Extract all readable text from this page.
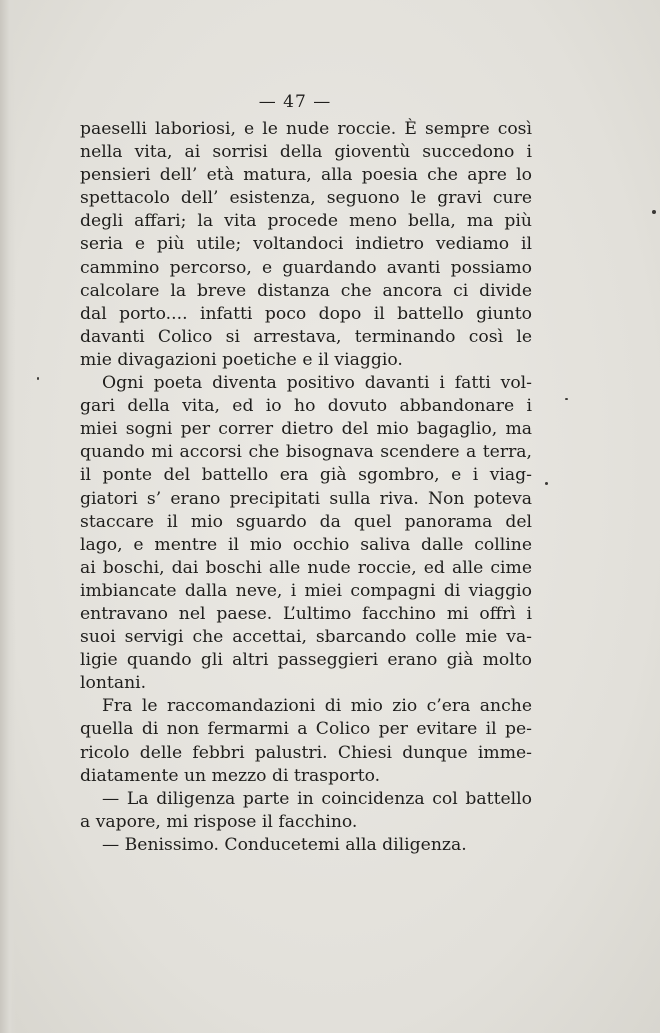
— 47 —
paeselli laboriosi, e le nude roccie. È sempre così
nella vita, ai sorrisi della gioventù succedono i
pensieri dell’ età matura, alla poesia che apre lo
spettacolo dell’ esistenza, seguono le gravi cure
degli affari; la vita procede meno bella, ma più
seria e più utile; voltandoci indietro vediamo il
cammino percorso, e guardando avanti possiamo
calcolare la breve distanza che ancora ci divide
dal porto.... infatti poco dopo il battello giunto
davanti Colico si arrestava, terminando così le
mie divagazioni poetiche e il viaggio.
Ogni poeta diventa positivo davanti i fatti vol-
gari della vita, ed io ho dovuto abbandonare i
miei sogni per correr dietro del mio bagaglio, ma
quando mi accorsi che bisognava scendere a terra,
il ponte del battello era già sgombro, e i viag-
giatori s’ erano precipitati sulla riva. Non poteva
staccare il mio sguardo da quel panorama del
lago, e mentre il mio occhio saliva dalle colline
ai boschi, dai boschi alle nude roccie, ed alle cime
imbiancate dalla neve, i miei compagni di viaggio
entravano nel paese. L’ultimo facchino mi offrì i
suoi servigi che accettai, sbarcando colle mie va-
ligie quando gli altri passeggieri erano già molto
lontani.
Fra le raccomandazioni di mio zio c’era anche
quella di non fermarmi a Colico per evitare il pe-
ricolo delle febbri palustri. Chiesi dunque imme-
diatamente un mezzo di trasporto.
— La diligenza parte in coincidenza col battello
a vapore, mi rispose il facchino.
— Benissimo. Conducetemi alla diligenza.
